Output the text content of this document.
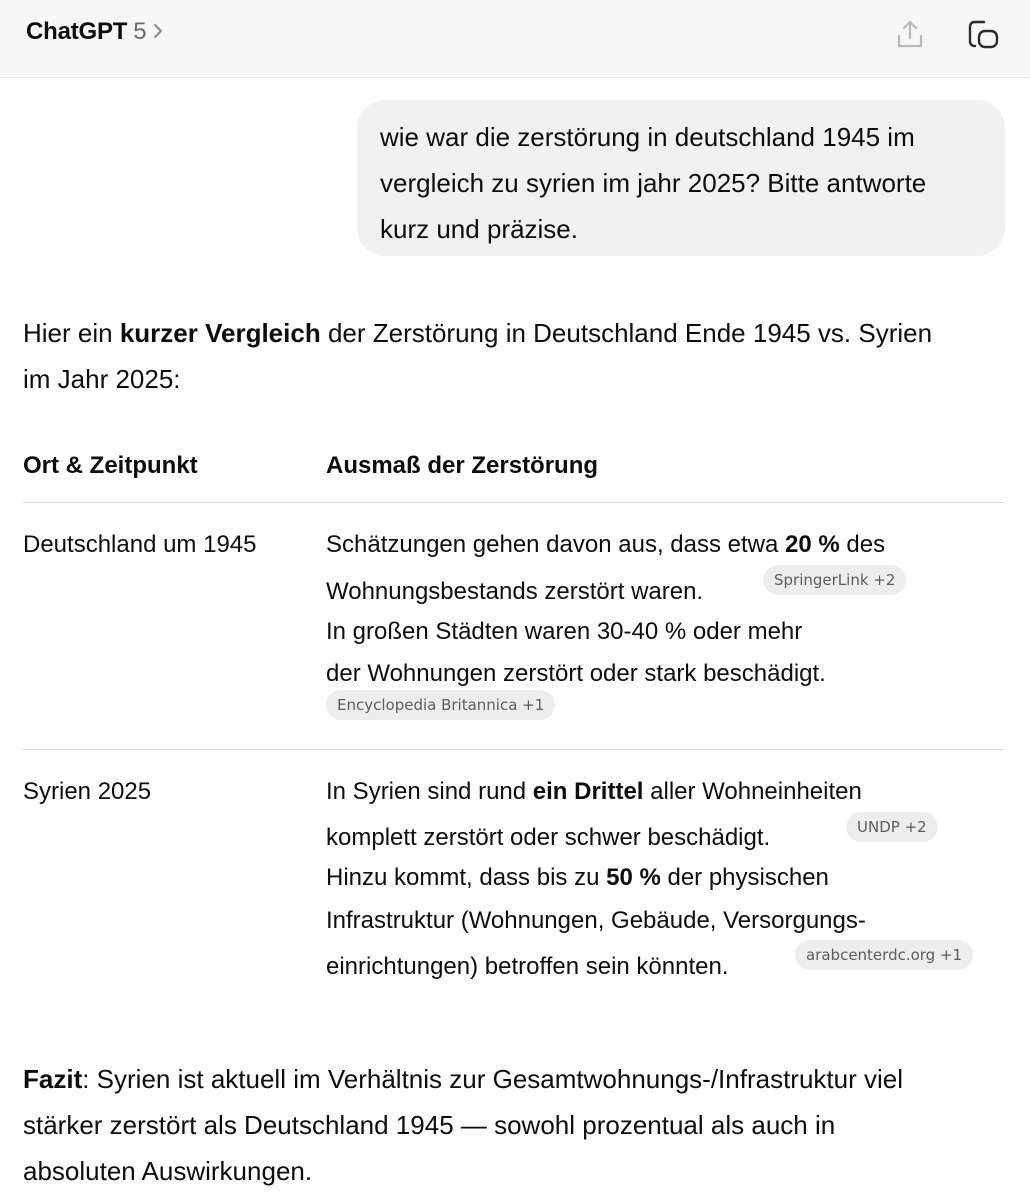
ChatGPT 5
wie war die zerstörung in deutschland 1945 im
vergleich zu syrien im jahr 2025? Bitte antworte
kurz und präzise.
Hier ein kurzer Vergleich der Zerstörung in Deutschland Ende 1945 vs. Syrien
im Jahr 2025:
Ort & Zeitpunkt	Ausmaß der Zerstörung
Deutschland um 1945	Schätzungen gehen davon aus, dass etwa 20 % des
Wohnungsbestands zerstört waren.	SpringerLink +2
In großen Städten waren 30-40 % oder mehr
der Wohnungen zerstört oder stark beschädigt.
Encyclopedia Britannica +1
Syrien 2025	In Syrien sind rund ein Drittel aller Wohneinheiten
komplett zerstört oder schwer beschädigt.	UNDP +2
Hinzu kommt, dass bis zu 50 % der physischen
Infrastruktur (Wohnungen, Gebäude, Versorgungs-
einrichtungen) betroffen sein könnten.	arabcenterdc.org +1
Fazit: Syrien ist aktuell im Verhältnis zur Gesamtwohnungs-/Infrastruktur viel
stärker zerstört als Deutschland 1945 — sowohl prozentual als auch in
absoluten Auswirkungen.
